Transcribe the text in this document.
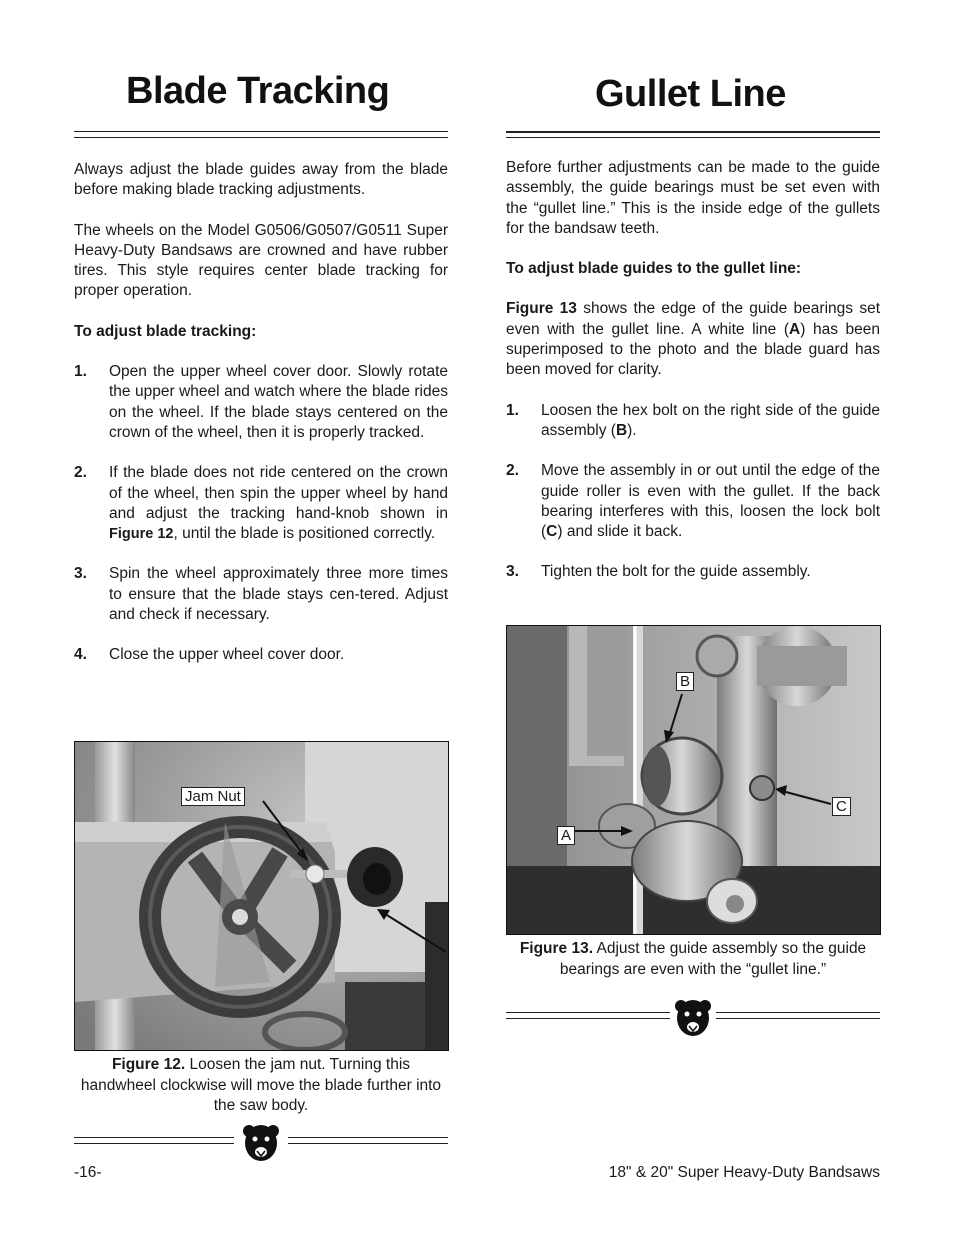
Blade Tracking

Always adjust the blade guides away from the blade before making blade tracking adjustments.

The wheels on the Model G0506/G0507/G0511 Super Heavy-Duty Bandsaws are crowned and have rubber tires. This style requires center blade tracking for proper operation.

To adjust blade tracking:

1. Open the upper wheel cover door. Slowly rotate the upper wheel and watch where the blade rides on the wheel. If the blade stays centered on the crown of the wheel, then it is properly tracked.
2. If the blade does not ride centered on the crown of the wheel, then spin the upper wheel by hand and adjust the tracking hand-knob shown in Figure 12, until the blade is positioned correctly.
3. Spin the wheel approximately three more times to ensure that the blade stays cen-tered. Adjust and check if necessary.
4. Close the upper wheel cover door.
Jam Nut
Figure 12. Loosen the jam nut. Turning this handwheel clockwise will move the blade further into the saw body.
Gullet Line

Before further adjustments can be made to the guide assembly, the guide bearings must be set even with the “gullet line.” This is the inside edge of the gullets for the bandsaw teeth.

To adjust blade guides to the gullet line:

Figure 13 shows the edge of the guide bearings set even with the gullet line. A white line (A) has been superimposed to the photo and the blade guard has been moved for clarity.

1. Loosen the hex bolt on the right side of the guide assembly (B).
2. Move the assembly in or out until the edge of the guide roller is even with the gullet. If the back bearing interferes with this, loosen the lock bolt (C) and slide it back.
3. Tighten the bolt for the guide assembly.
B
A
C
Figure 13. Adjust the guide assembly so the guide bearings are even with the “gullet line.”
-16-	18" & 20" Super Heavy-Duty Bandsaws
